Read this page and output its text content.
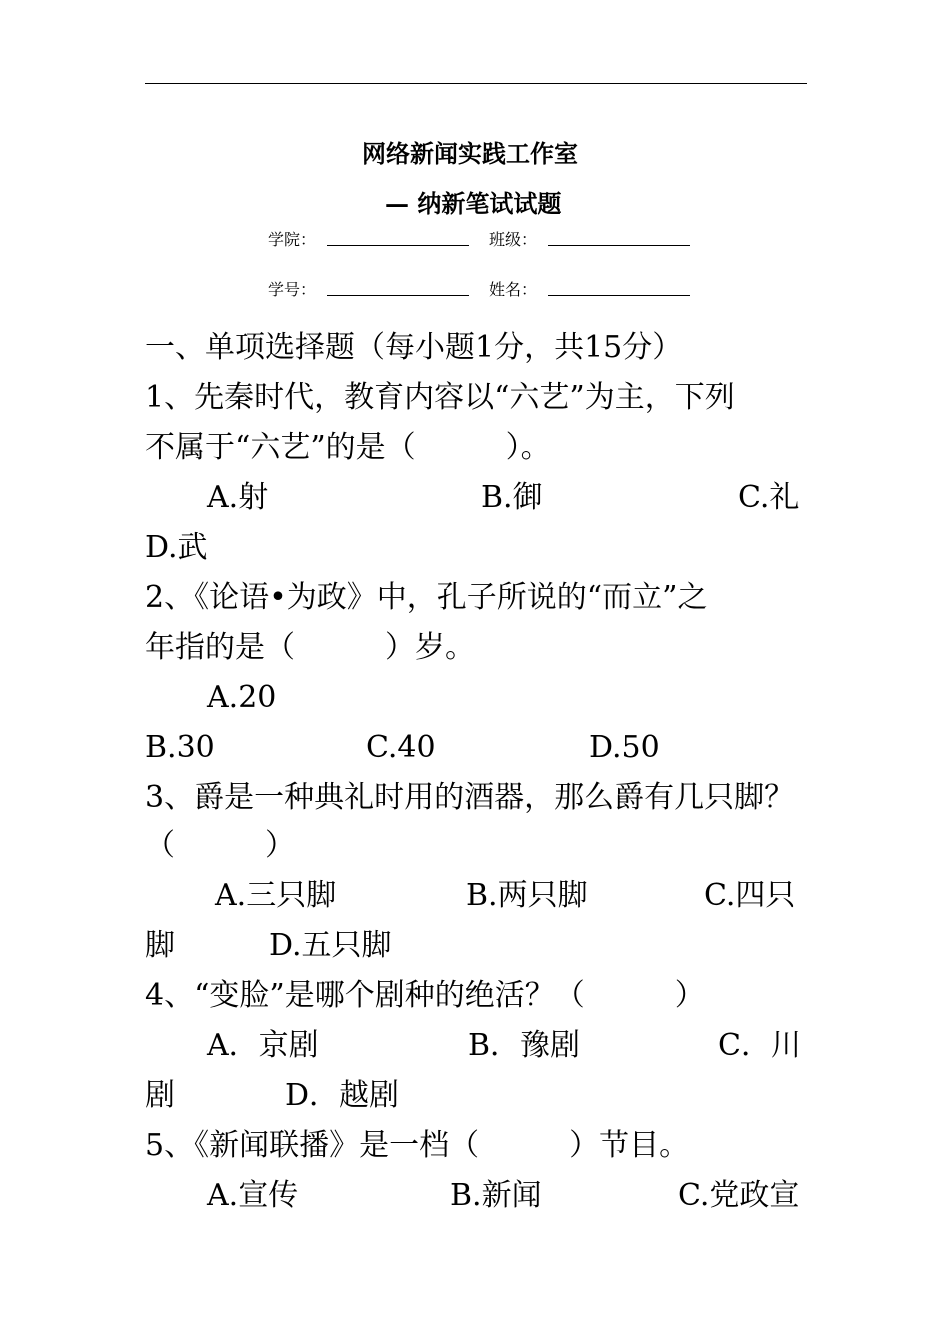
网络新闻实践工作室
— 纳新笔试试题
学院：	班级：
学号：	姓名：
一、单项选择题（每小题1分，共15分）
1、先秦时代，教育内容以“六艺”为主，下列
不属于“六艺”的是（　　　）。
A.射	B.御	C.礼
D.武
2、《论语•为政》中，孔子所说的“而立”之
年指的是（　　　）岁。
A.20
B.30	C.40	D.50
3、爵是一种典礼时用的酒器，那么爵有几只脚？
（　　　）
A.三只脚	B.两只脚	C.四只
脚	D.五只脚
4、“变脸”是哪个剧种的绝活？（　　　）
A．京剧	B．豫剧	C．川
剧	D．越剧
5、《新闻联播》是一档（　　　）节目。
A.宣传	B.新闻	C.党政宣
